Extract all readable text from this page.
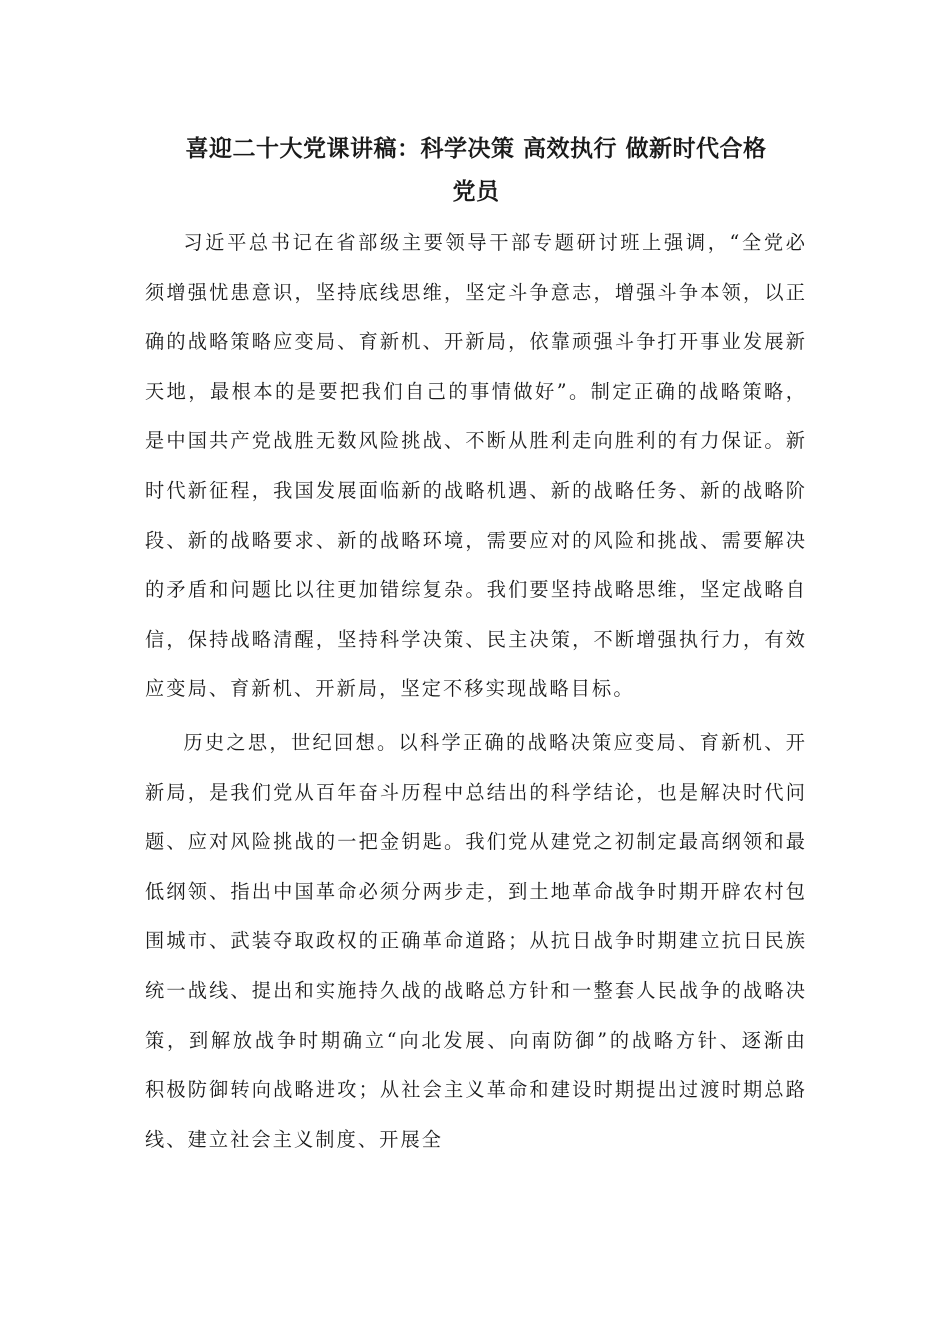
喜迎二十大党课讲稿：科学决策 高效执行 做新时代合格
党员

习近平总书记在省部级主要领导干部专题研讨班上强调，“全党必须增强忧患意识，坚持底线思维，坚定斗争意志，增强斗争本领，以正确的战略策略应变局、育新机、开新局，依靠顽强斗争打开事业发展新天地，最根本的是要把我们自己的事情做好”。制定正确的战略策略，是中国共产党战胜无数风险挑战、不断从胜利走向胜利的有力保证。新时代新征程，我国发展面临新的战略机遇、新的战略任务、新的战略阶段、新的战略要求、新的战略环境，需要应对的风险和挑战、需要解决的矛盾和问题比以往更加错综复杂。我们要坚持战略思维，坚定战略自信，保持战略清醒，坚持科学决策、民主决策，不断增强执行力，有效应变局、育新机、开新局，坚定不移实现战略目标。

历史之思，世纪回想。以科学正确的战略决策应变局、育新机、开新局，是我们党从百年奋斗历程中总结出的科学结论，也是解决时代问题、应对风险挑战的一把金钥匙。我们党从建党之初制定最高纲领和最低纲领、指出中国革命必须分两步走，到土地革命战争时期开辟农村包围城市、武装夺取政权的正确革命道路；从抗日战争时期建立抗日民族统一战线、提出和实施持久战的战略总方针和一整套人民战争的战略决策，到解放战争时期确立“向北发展、向南防御”的战略方针、逐渐由积极防御转向战略进攻；从社会主义革命和建设时期提出过渡时期总路线、建立社会主义制度、开展全
